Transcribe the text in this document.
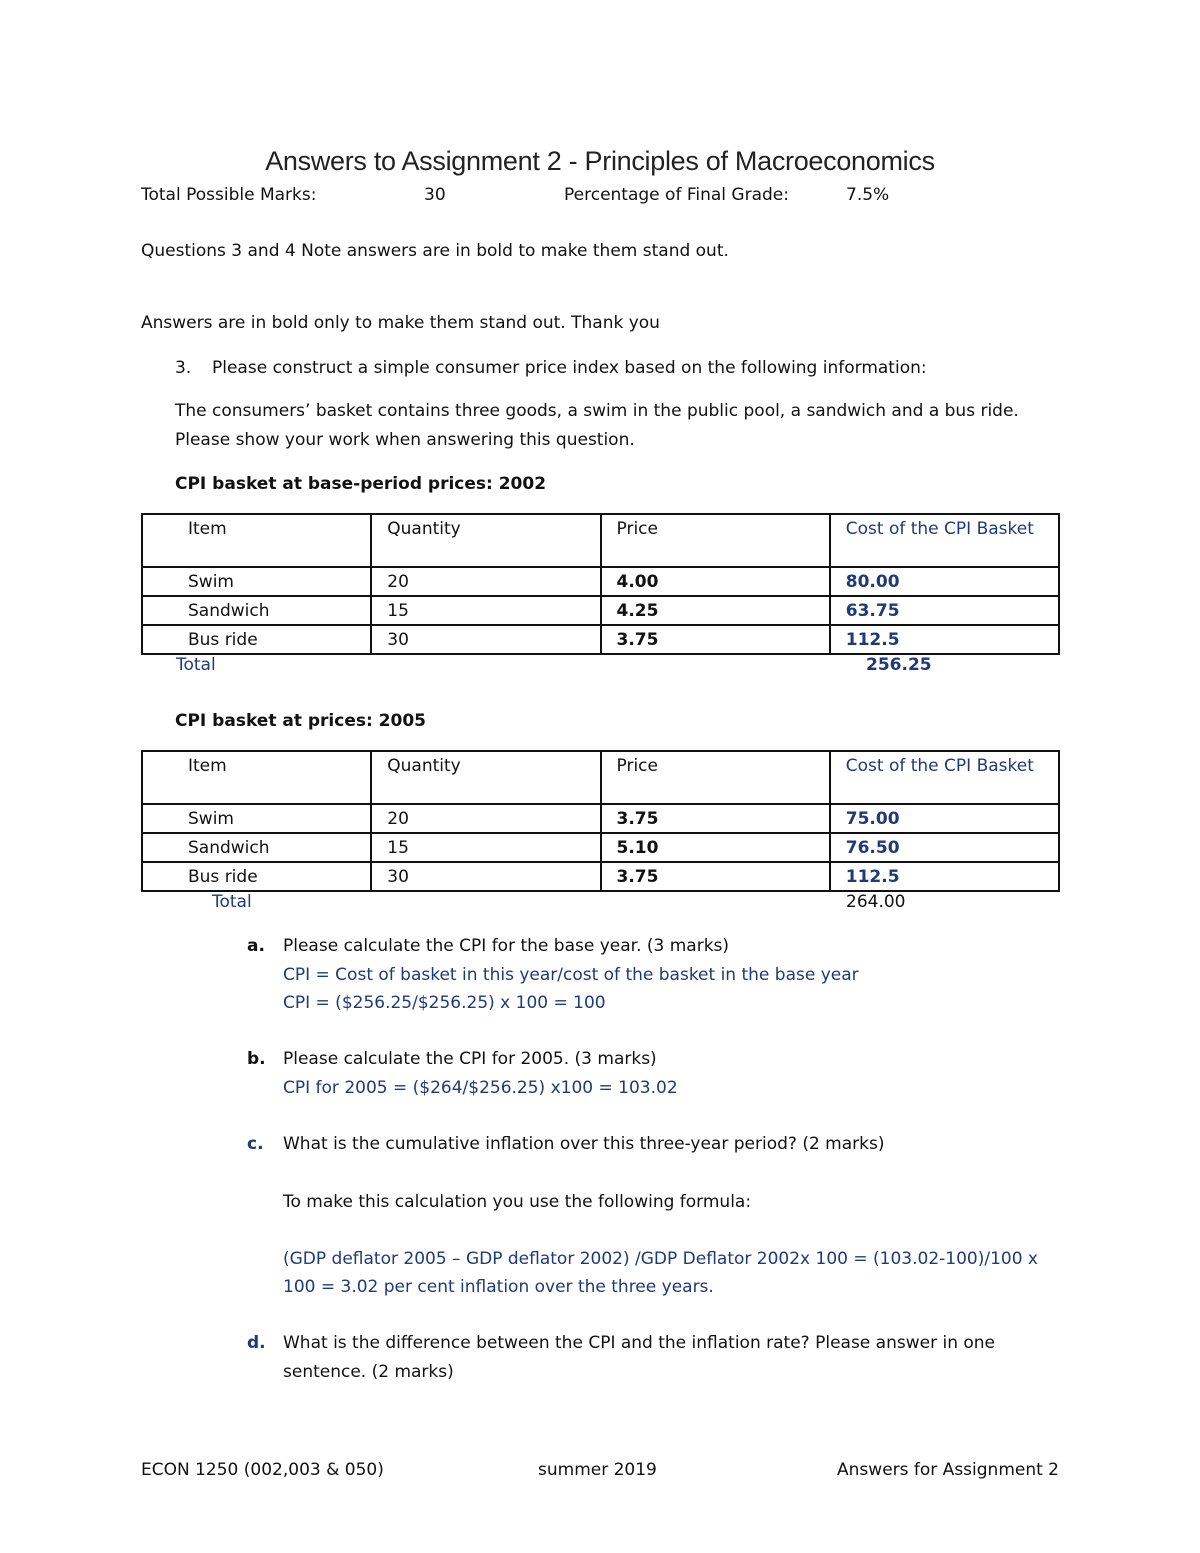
Answers to Assignment 2 - Principles of Macroeconomics
Total Possible Marks:	30	Percentage of Final Grade:	7.5%
Questions 3 and 4 Note answers are in bold to make them stand out.
Answers are in bold only to make them stand out. Thank you
3. Please construct a simple consumer price index based on the following information:
The consumers’ basket contains three goods, a swim in the public pool, a sandwich and a bus ride.
Please show your work when answering this question.
CPI basket at base-period prices: 2002
Item	Quantity	Price	Cost of the CPI Basket
Swim	20	4.00	80.00
Sandwich	15	4.25	63.75
Bus ride	30	3.75	112.5
Total	256.25
CPI basket at prices: 2005
Item	Quantity	Price	Cost of the CPI Basket
Swim	20	3.75	75.00
Sandwich	15	5.10	76.50
Bus ride	30	3.75	112.5
Total	264.00
a. Please calculate the CPI for the base year. (3 marks)
CPI = Cost of basket in this year/cost of the basket in the base year
CPI = ($256.25/$256.25) x 100 = 100
b. Please calculate the CPI for 2005. (3 marks)
CPI for 2005 = ($264/$256.25) x100 = 103.02
c. What is the cumulative inflation over this three-year period? (2 marks)
To make this calculation you use the following formula:
(GDP deflator 2005 – GDP deflator 2002) /GDP Deflator 2002x 100 = (103.02-100)/100 x
100 = 3.02 per cent inflation over the three years.
d. What is the difference between the CPI and the inflation rate? Please answer in one
sentence. (2 marks)
ECON 1250 (002,003 & 050)	summer 2019	Answers for Assignment 2
